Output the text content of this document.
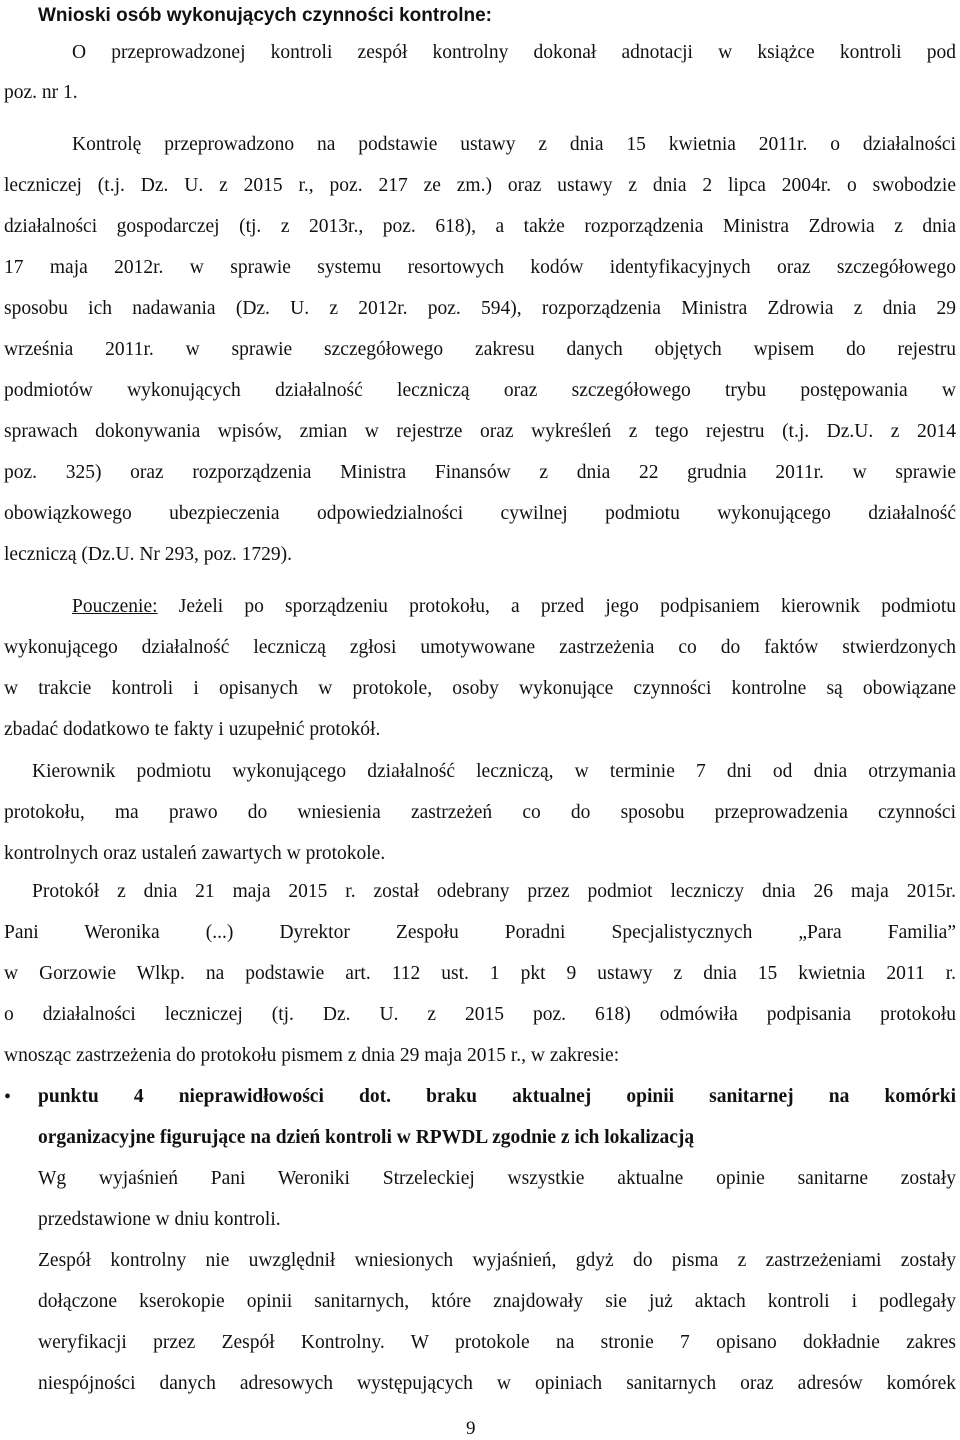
Wnioski osób wykonujących czynności kontrolne:
O przeprowadzonej kontroli zespół kontrolny dokonał adnotacji w książce kontroli pod
poz. nr 1.
Kontrolę przeprowadzono na podstawie ustawy z dnia 15 kwietnia 2011r. o działalności
leczniczej (t.j. Dz. U. z 2015 r., poz. 217 ze zm.) oraz ustawy z dnia 2 lipca 2004r. o swobodzie
działalności gospodarczej (tj. z 2013r., poz. 618), a także rozporządzenia Ministra Zdrowia z dnia
17 maja 2012r. w sprawie systemu resortowych kodów identyfikacyjnych oraz szczegółowego
sposobu ich nadawania (Dz. U. z 2012r. poz. 594), rozporządzenia Ministra Zdrowia z dnia 29
września 2011r. w sprawie szczegółowego zakresu danych objętych wpisem do rejestru
podmiotów wykonujących działalność leczniczą oraz szczegółowego trybu postępowania w
sprawach dokonywania wpisów, zmian w rejestrze oraz wykreśleń z tego rejestru (t.j. Dz.U. z 2014
poz. 325) oraz rozporządzenia Ministra Finansów z dnia 22 grudnia 2011r. w sprawie
obowiązkowego ubezpieczenia odpowiedzialności cywilnej podmiotu wykonującego działalność
leczniczą (Dz.U. Nr 293, poz. 1729).
Pouczenie: Jeżeli po sporządzeniu protokołu, a przed jego podpisaniem kierownik podmiotu
wykonującego działalność leczniczą zgłosi umotywowane zastrzeżenia co do faktów stwierdzonych
w trakcie kontroli i opisanych w protokole, osoby wykonujące czynności kontrolne są obowiązane
zbadać dodatkowo te fakty i uzupełnić protokół.
Kierownik podmiotu wykonującego działalność leczniczą, w terminie 7 dni od dnia otrzymania
protokołu, ma prawo do wniesienia zastrzeżeń co do sposobu przeprowadzenia czynności
kontrolnych oraz ustaleń zawartych w protokole.
Protokół z dnia 21 maja 2015 r. został odebrany przez podmiot leczniczy dnia 26 maja 2015r.
Pani Weronika (...) Dyrektor Zespołu Poradni Specjalistycznych „Para Familia”
w Gorzowie Wlkp. na podstawie art. 112 ust. 1 pkt 9 ustawy z dnia 15 kwietnia 2011 r.
o działalności leczniczej (tj. Dz. U. z 2015 poz. 618) odmówiła podpisania protokołu
wnosząc zastrzeżenia do protokołu pismem z dnia 29 maja 2015 r., w zakresie:
• punktu 4 nieprawidłowości dot. braku aktualnej opinii sanitarnej na komórki
organizacyjne figurujące na dzień kontroli w RPWDL zgodnie z ich lokalizacją
Wg wyjaśnień Pani Weroniki Strzeleckiej wszystkie aktualne opinie sanitarne zostały
przedstawione w dniu kontroli.
Zespół kontrolny nie uwzględnił wniesionych wyjaśnień, gdyż do pisma z zastrzeżeniami zostały
dołączone kserokopie opinii sanitarnych, które znajdowały sie już aktach kontroli i podlegały
weryfikacji przez Zespół Kontrolny. W protokole na stronie 7 opisano dokładnie zakres
niespójności danych adresowych występujących w opiniach sanitarnych oraz adresów komórek
9
